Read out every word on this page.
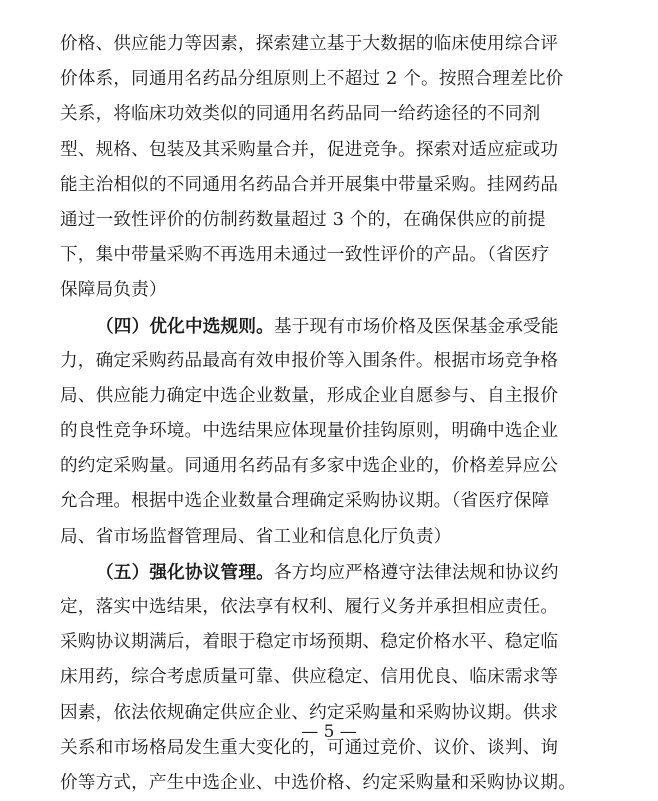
价格、供应能力等因素，探索建立基于大数据的临床使用综合评
价体系，同通用名药品分组原则上不超过 2 个。按照合理差比价
关系，将临床功效类似的同通用名药品同一给药途径的不同剂
型、规格、包装及其采购量合并，促进竞争。探索对适应症或功
能主治相似的不同通用名药品合并开展集中带量采购。挂网药品
通过一致性评价的仿制药数量超过 3 个的，在确保供应的前提
下，集中带量采购不再选用未通过一致性评价的产品。（省医疗
保障局负责）
（四）优化中选规则。基于现有市场价格及医保基金承受能
力，确定采购药品最高有效申报价等入围条件。根据市场竞争格
局、供应能力确定中选企业数量，形成企业自愿参与、自主报价
的良性竞争环境。中选结果应体现量价挂钩原则，明确中选企业
的约定采购量。同通用名药品有多家中选企业的，价格差异应公
允合理。根据中选企业数量合理确定采购协议期。（省医疗保障
局、省市场监督管理局、省工业和信息化厅负责）
（五）强化协议管理。各方均应严格遵守法律法规和协议约
定，落实中选结果，依法享有权利、履行义务并承担相应责任。
采购协议期满后，着眼于稳定市场预期、稳定价格水平、稳定临
床用药，综合考虑质量可靠、供应稳定、信用优良、临床需求等
因素，依法依规确定供应企业、约定采购量和采购协议期。供求
关系和市场格局发生重大变化的，可通过竞价、议价、谈判、询
价等方式，产生中选企业、中选价格、约定采购量和采购协议期。
— 5 —
